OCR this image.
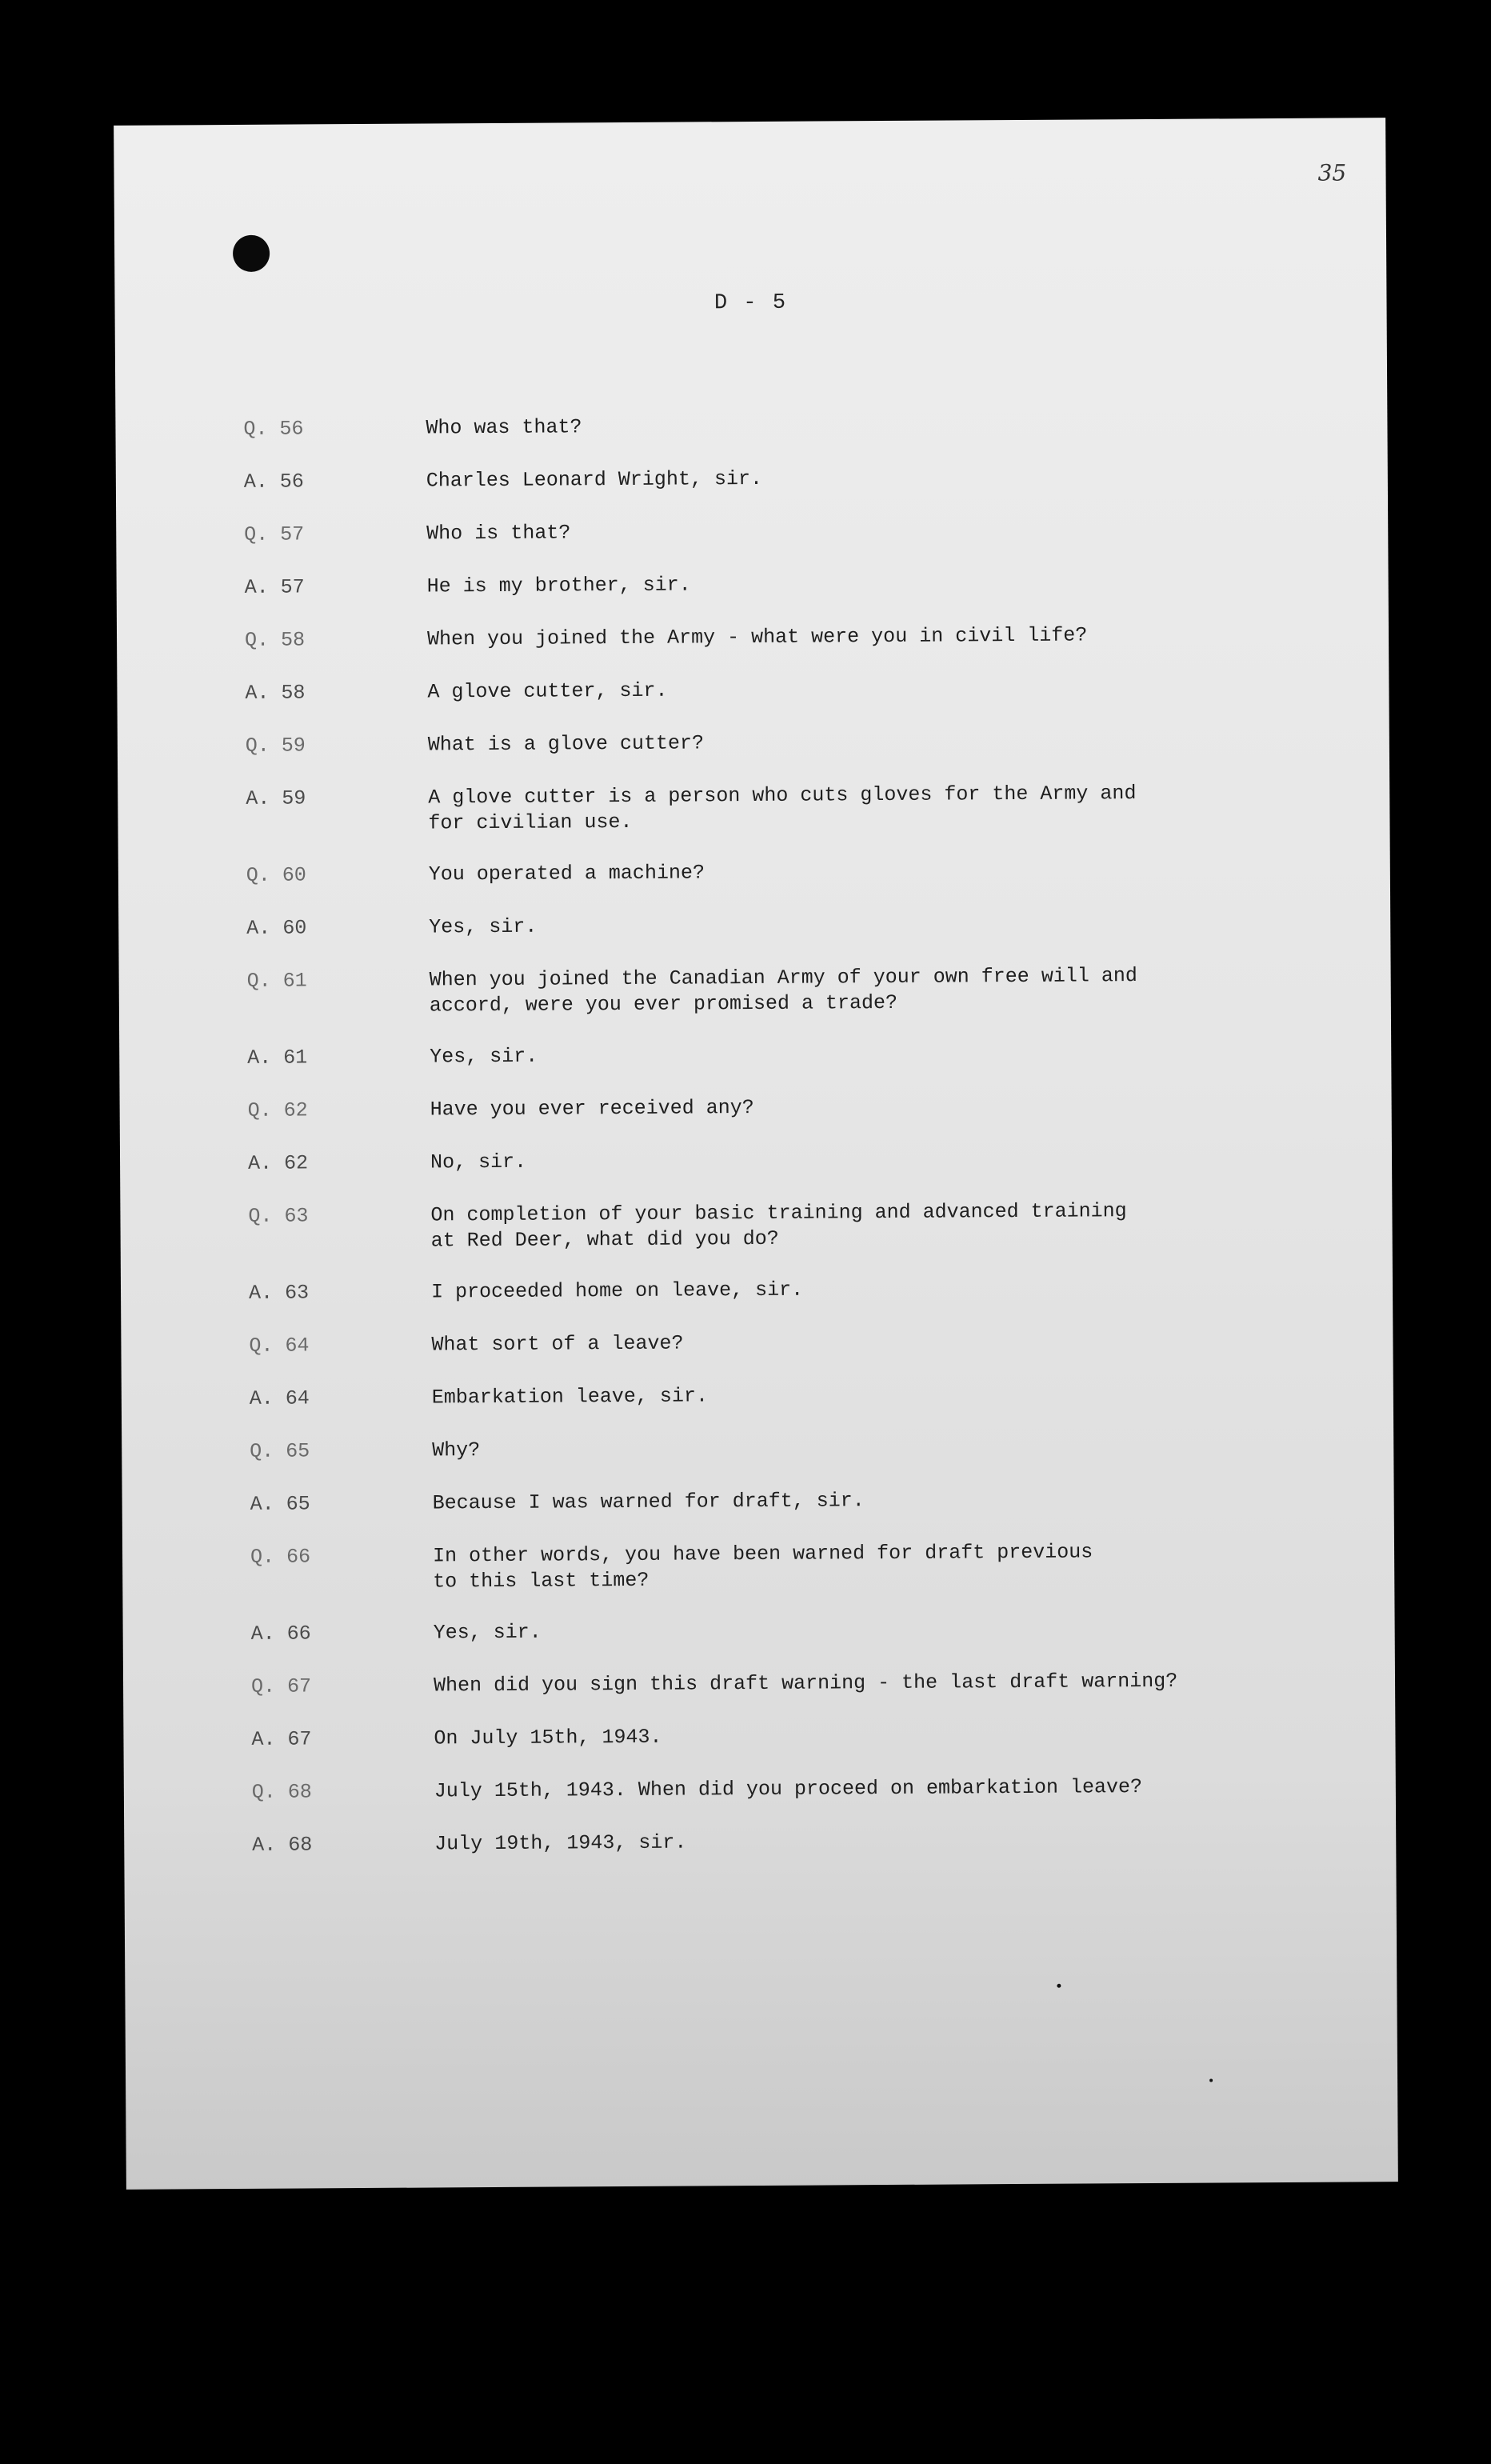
35
D - 5
Q. 56	Who was that?
A. 56	Charles Leonard Wright, sir.
Q. 57	Who is that?
A. 57	He is my brother, sir.
Q. 58	When you joined the Army - what were you in civil life?
A. 58	A glove cutter, sir.
Q. 59	What is a glove cutter?
A. 59	A glove cutter is a person who cuts gloves for the Army and
for civilian use.
Q. 60	You operated a machine?
A. 60	Yes, sir.
Q. 61	When you joined the Canadian Army of your own free will and
accord, were you ever promised a trade?
A. 61	Yes, sir.
Q. 62	Have you ever received any?
A. 62	No, sir.
Q. 63	On completion of your basic training and advanced training
at Red Deer, what did you do?
A. 63	I proceeded home on leave, sir.
Q. 64	What sort of a leave?
A. 64	Embarkation leave, sir.
Q. 65	Why?
A. 65	Because I was warned for draft, sir.
Q. 66	In other words, you have been warned for draft previous
to this last time?
A. 66	Yes, sir.
Q. 67	When did you sign this draft warning - the last draft warning?
A. 67	On July 15th, 1943.
Q. 68	July 15th, 1943. When did you proceed on embarkation leave?
A. 68	July 19th, 1943, sir.
